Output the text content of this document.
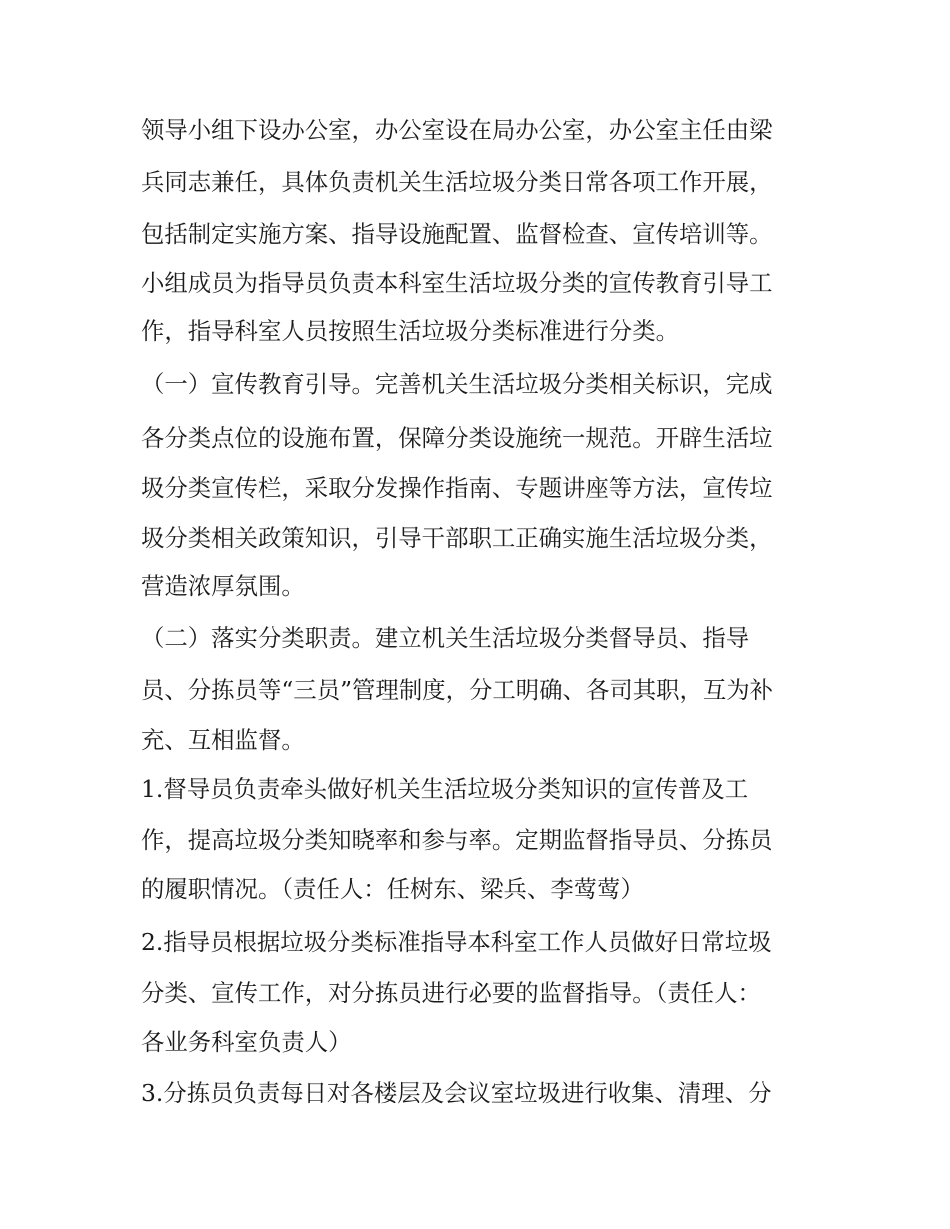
领导小组下设办公室，办公室设在局办公室，办公室主任由梁
兵同志兼任，具体负责机关生活垃圾分类日常各项工作开展，
包括制定实施方案、指导设施配置、监督检查、宣传培训等。
小组成员为指导员负责本科室生活垃圾分类的宣传教育引导工
作，指导科室人员按照生活垃圾分类标准进行分类。
（一）宣传教育引导。完善机关生活垃圾分类相关标识，完成
各分类点位的设施布置，保障分类设施统一规范。开辟生活垃
圾分类宣传栏，采取分发操作指南、专题讲座等方法，宣传垃
圾分类相关政策知识，引导干部职工正确实施生活垃圾分类，
营造浓厚氛围。
（二）落实分类职责。建立机关生活垃圾分类督导员、指导
员、分拣员等“三员”管理制度，分工明确、各司其职，互为补
充、互相监督。
1.督导员负责牵头做好机关生活垃圾分类知识的宣传普及工
作，提高垃圾分类知晓率和参与率。定期监督指导员、分拣员
的履职情况。（责任人：任树东、梁兵、李莺莺）
2.指导员根据垃圾分类标准指导本科室工作人员做好日常垃圾
分类、宣传工作，对分拣员进行必要的监督指导。（责任人：
各业务科室负责人）
3.分拣员负责每日对各楼层及会议室垃圾进行收集、清理、分
